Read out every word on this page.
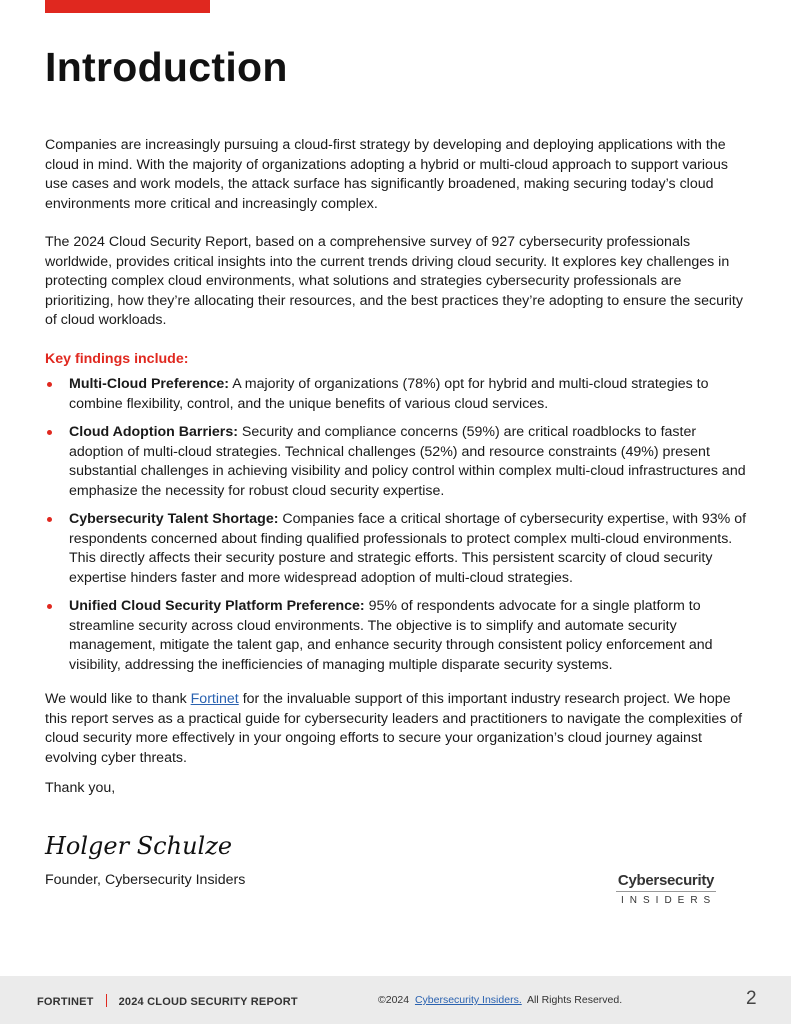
Introduction

Companies are increasingly pursuing a cloud-first strategy by developing and deploying applications with the cloud in mind. With the majority of organizations adopting a hybrid or multi-cloud approach to support various use cases and work models, the attack surface has significantly broadened, making securing today’s cloud environments more critical and increasingly complex.

The 2024 Cloud Security Report, based on a comprehensive survey of 927 cybersecurity professionals worldwide, provides critical insights into the current trends driving cloud security. It explores key challenges in protecting complex cloud environments, what solutions and strategies cybersecurity professionals are prioritizing, how they’re allocating their resources, and the best practices they’re adopting to ensure the security of cloud workloads.

Key findings include:
Multi-Cloud Preference: A majority of organizations (78%) opt for hybrid and multi-cloud strategies to combine flexibility, control, and the unique benefits of various cloud services.
Cloud Adoption Barriers: Security and compliance concerns (59%) are critical roadblocks to faster adoption of multi-cloud strategies. Technical challenges (52%) and resource constraints (49%) present substantial challenges in achieving visibility and policy control within complex multi-cloud infrastructures and emphasize the necessity for robust cloud security expertise.
Cybersecurity Talent Shortage: Companies face a critical shortage of cybersecurity expertise, with 93% of respondents concerned about finding qualified professionals to protect complex multi-cloud environments. This directly affects their security posture and strategic efforts. This persistent scarcity of cloud security expertise hinders faster and more widespread adoption of multi-cloud strategies.
Unified Cloud Security Platform Preference: 95% of respondents advocate for a single platform to streamline security across cloud environments. The objective is to simplify and automate security management, mitigate the talent gap, and enhance security through consistent policy enforcement and visibility, addressing the inefficiencies of managing multiple disparate security systems.

We would like to thank Fortinet for the invaluable support of this important industry research project. We hope this report serves as a practical guide for cybersecurity leaders and practitioners to navigate the complexities of cloud security more effectively in your ongoing efforts to secure your organization’s cloud journey against evolving cyber threats.

Thank you,

Holger Schulze
Founder, Cybersecurity Insiders	Cybersecurity
INSIDERS
FORTINET 2024 CLOUD SECURITY REPORT	©2024 Cybersecurity Insiders. All Rights Reserved.	2
